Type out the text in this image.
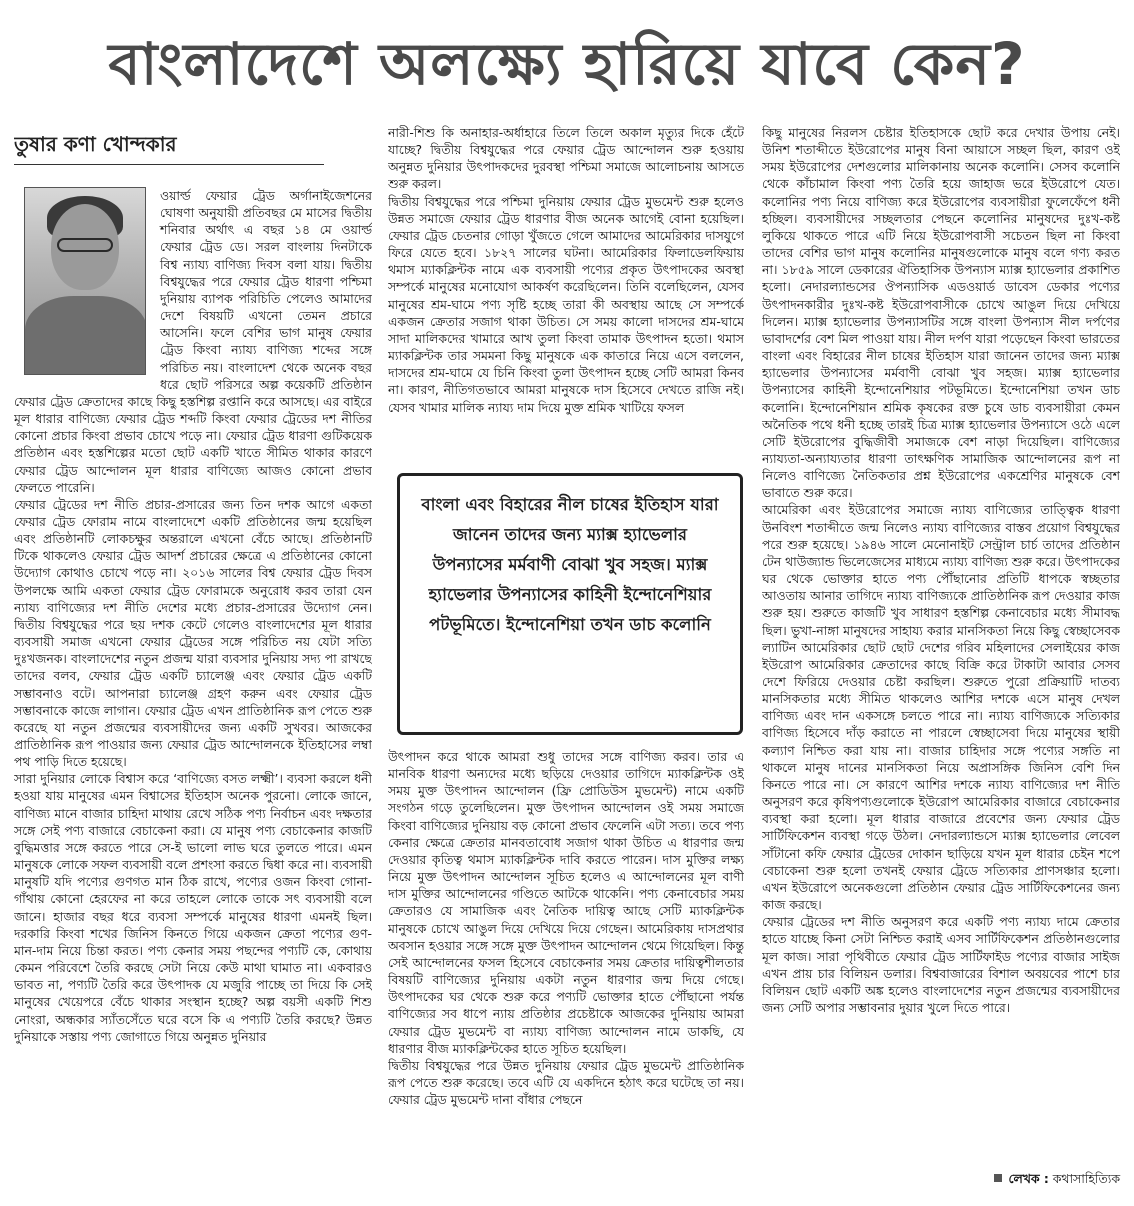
বাংলাদেশে অলক্ষ্যে হারিয়ে যাবে কেন?
তুষার কণা খোন্দকার

ওয়ার্ল্ড ফেয়ার ট্রেড অর্গানাইজেশনের ঘোষণা অনুযায়ী প্রতিবছর মে মাসের দ্বিতীয় শনিবার অর্থাৎ এ বছর ১৪ মে ওয়ার্ল্ড ফেয়ার ট্রেড ডে। সরল বাংলায় দিনটাকে বিশ্ব ন্যায্য বাণিজ্য দিবস বলা যায়। দ্বিতীয় বিশ্বযুদ্ধের পরে ফেয়ার ট্রেড ধারণা পশ্চিমা দুনিয়ায় ব্যাপক পরিচিতি পেলেও আমাদের দেশে বিষয়টি এখনো তেমন প্রচারে আসেনি। ফলে বেশির ভাগ মানুষ ফেয়ার ট্রেড কিংবা ন্যায্য বাণিজ্য শব্দের সঙ্গে পরিচিত নয়। বাংলাদেশ থেকে অনেক বছর ধরে ছোট পরিসরে অল্প কয়েকটি প্রতিষ্ঠান ফেয়ার ট্রেড ক্রেতাদের কাছে কিছু হস্তশিল্প রপ্তানি করে আসছে। এর বাইরে মূল ধারার বাণিজ্যে ফেয়ার ট্রেড শব্দটি কিংবা ফেয়ার ট্রেডের দশ নীতির কোনো প্রচার কিংবা প্রভাব চোখে পড়ে না। ফেয়ার ট্রেড ধারণা গুটিকয়েক প্রতিষ্ঠান এবং হস্তশিল্পের মতো ছোট একটি খাতে সীমিত থাকার কারণে ফেয়ার ট্রেড আন্দোলন মূল ধারার বাণিজ্যে আজও কোনো প্রভাব ফেলতে পারেনি।

ফেয়ার ট্রেডের দশ নীতি প্রচার-প্রসারের জন্য তিন দশক আগে একতা ফেয়ার ট্রেড ফোরাম নামে বাংলাদেশে একটি প্রতিষ্ঠানের জন্ম হয়েছিল এবং প্রতিষ্ঠানটি লোকচক্ষুর অন্তরালে এখনো বেঁচে আছে। প্রতিষ্ঠানটি টিকে থাকলেও ফেয়ার ট্রেড আদর্শ প্রচারের ক্ষেত্রে এ প্রতিষ্ঠানের কোনো উদ্যোগ কোথাও চোখে পড়ে না। ২০১৬ সালের বিশ্ব ফেয়ার ট্রেড দিবস উপলক্ষে আমি একতা ফেয়ার ট্রেড ফোরামকে অনুরোধ করব তারা যেন ন্যায্য বাণিজ্যের দশ নীতি দেশের মধ্যে প্রচার-প্রসারের উদ্যোগ নেন। দ্বিতীয় বিশ্বযুদ্ধের পরে ছয় দশক কেটে গেলেও বাংলাদেশের মূল ধারার ব্যবসায়ী সমাজ এখনো ফেয়ার ট্রেডের সঙ্গে পরিচিত নয় যেটা সত্যি দুঃখজনক। বাংলাদেশের নতুন প্রজন্ম যারা ব্যবসার দুনিয়ায় সদ্য পা রাখছে তাদের বলব, ফেয়ার ট্রেড একটি চ্যালেঞ্জ এবং ফেয়ার ট্রেড একটি সম্ভাবনাও বটে। আপনারা চ্যালেঞ্জ গ্রহণ করুন এবং ফেয়ার ট্রেড সম্ভাবনাকে কাজে লাগান। ফেয়ার ট্রেড এখন প্রাতিষ্ঠানিক রূপ পেতে শুরু করেছে যা নতুন প্রজন্মের ব্যবসায়ীদের জন্য একটি সুখবর। আজকের প্রাতিষ্ঠানিক রূপ পাওয়ার জন্য ফেয়ার ট্রেড আন্দোলনকে ইতিহাসের লম্বা পথ পাড়ি দিতে হয়েছে।

সারা দুনিয়ার লোকে বিশ্বাস করে ‘বাণিজ্যে বসত লক্ষ্মী’। ব্যবসা করলে ধনী হওয়া যায় মানুষের এমন বিশ্বাসের ইতিহাস অনেক পুরনো। লোকে জানে, বাণিজ্য মানে বাজার চাহিদা মাথায় রেখে সঠিক পণ্য নির্বাচন এবং দক্ষতার সঙ্গে সেই পণ্য বাজারে বেচাকেনা করা। যে মানুষ পণ্য বেচাকেনার কাজটি বুদ্ধিমত্তার সঙ্গে করতে পারে সে-ই ভালো লাভ ঘরে তুলতে পারে। এমন মানুষকে লোকে সফল ব্যবসায়ী বলে প্রশংসা করতে দ্বিধা করে না। ব্যবসায়ী মানুষটি যদি পণ্যের গুণগত মান ঠিক রাখে, পণ্যের ওজন কিংবা গোনা-গাঁথায় কোনো হেরফের না করে তাহলে লোকে তাকে সৎ ব্যবসায়ী বলে জানে। হাজার বছর ধরে ব্যবসা সম্পর্কে মানুষের ধারণা এমনই ছিল। দরকারি কিংবা শখের জিনিস কিনতে গিয়ে একজন ক্রেতা পণ্যের গুণ-মান-দাম নিয়ে চিন্তা করত। পণ্য কেনার সময় পছন্দের পণ্যটি কে, কোথায় কেমন পরিবেশে তৈরি করছে সেটা নিয়ে কেউ মাথা ঘামাত না। একবারও ভাবত না, পণ্যটি তৈরি করে উৎপাদক যে মজুরি পাচ্ছে তা দিয়ে কি সেই মানুষের খেয়েপরে বেঁচে থাকার সংস্থান হচ্ছে? অল্প বয়সী একটি শিশু নোংরা, অন্ধকার স্যাঁতসেঁতে ঘরে বসে কি এ পণ্যটি তৈরি করছে? উন্নত দুনিয়াকে সস্তায় পণ্য জোগাতে গিয়ে অনুন্নত দুনিয়ার

নারী-শিশু কি অনাহার-অর্ধাহারে তিলে তিলে অকাল মৃত্যুর দিকে হেঁটে যাচ্ছে? দ্বিতীয় বিশ্বযুদ্ধের পরে ফেয়ার ট্রেড আন্দোলন শুরু হওয়ায় অনুন্নত দুনিয়ার উৎপাদকদের দুরবস্থা পশ্চিমা সমাজে আলোচনায় আসতে শুরু করল।

দ্বিতীয় বিশ্বযুদ্ধের পরে পশ্চিমা দুনিয়ায় ফেয়ার ট্রেড মুভমেন্ট শুরু হলেও উন্নত সমাজে ফেয়ার ট্রেড ধারণার বীজ অনেক আগেই বোনা হয়েছিল। ফেয়ার ট্রেড চেতনার গোড়া খুঁজতে গেলে আমাদের আমেরিকার দাসযুগে ফিরে যেতে হবে। ১৮২৭ সালের ঘটনা। আমেরিকার ফিলাডেলফিয়ায় থমাস ম্যাকক্লিন্টক নামে এক ব্যবসায়ী পণ্যের প্রকৃত উৎপাদকের অবস্থা সম্পর্কে মানুষের মনোযোগ আকর্ষণ করেছিলেন। তিনি বলেছিলেন, যেসব মানুষের শ্রম-ঘামে পণ্য সৃষ্টি হচ্ছে তারা কী অবস্থায় আছে সে সম্পর্কে একজন ক্রেতার সজাগ থাকা উচিত। সে সময় কালো দাসদের শ্রম-ঘামে সাদা মালিকদের খামারে আখ তুলা কিংবা তামাক উৎপাদন হতো। থমাস ম্যাকক্লিন্টক তার সমমনা কিছু মানুষকে এক কাতারে নিয়ে এসে বললেন, দাসদের শ্রম-ঘামে যে চিনি কিংবা তুলা উৎপাদন হচ্ছে সেটি আমরা কিনব না। কারণ, নীতিগতভাবে আমরা মানুষকে দাস হিসেবে দেখতে রাজি নই। যেসব খামার মালিক ন্যায্য দাম দিয়ে মুক্ত শ্রমিক খাটিয়ে ফসল

বাংলা এবং বিহারের নীল চাষের ইতিহাস যারা জানেন তাদের জন্য ম্যাক্স হ্যাভেলার উপন্যাসের মর্মবাণী বোঝা খুব সহজ। ম্যাক্স হ্যাভেলার উপন্যাসের কাহিনী ইন্দোনেশিয়ার পটভূমিতে। ইন্দোনেশিয়া তখন ডাচ কলোনি

উৎপাদন করে থাকে আমরা শুধু তাদের সঙ্গে বাণিজ্য করব। তার এ মানবিক ধারণা অন্যদের মধ্যে ছড়িয়ে দেওয়ার তাগিদে ম্যাকক্লিন্টক ওই সময় মুক্ত উৎপাদন আন্দোলন (ফ্রি প্রোডিউস মুভমেন্ট) নামে একটি সংগঠন গড়ে তুলেছিলেন। মুক্ত উৎপাদন আন্দোলন ওই সময় সমাজে কিংবা বাণিজ্যের দুনিয়ায় বড় কোনো প্রভাব ফেলেনি এটা সত্য। তবে পণ্য কেনার ক্ষেত্রে ক্রেতার মানবতাবোধ সজাগ থাকা উচিত এ ধারণার জন্ম দেওয়ার কৃতিত্ব থমাস ম্যাকক্লিন্টক দাবি করতে পারেন। দাস মুক্তির লক্ষ্য নিয়ে মুক্ত উৎপাদন আন্দোলন সূচিত হলেও এ আন্দোলনের মূল বাণী দাস মুক্তির আন্দোলনের গণ্ডিতে আটকে থাকেনি। পণ্য কেনাবেচার সময় ক্রেতারও যে সামাজিক এবং নৈতিক দায়িত্ব আছে সেটি ম্যাকক্লিন্টক মানুষকে চোখে আঙুল দিয়ে দেখিয়ে দিয়ে গেছেন। আমেরিকায় দাসপ্রথার অবসান হওয়ার সঙ্গে সঙ্গে মুক্ত উৎপাদন আন্দোলন থেমে গিয়েছিল। কিন্তু সেই আন্দোলনের ফসল হিসেবে বেচাকেনার সময় ক্রেতার দায়িত্বশীলতার বিষয়টি বাণিজ্যের দুনিয়ায় একটা নতুন ধারণার জন্ম দিয়ে গেছে। উৎপাদকের ঘর থেকে শুরু করে পণ্যটি ভোক্তার হাতে পৌঁছানো পর্যন্ত বাণিজ্যের সব ধাপে ন্যায় প্রতিষ্ঠার প্রচেষ্টাকে আজকের দুনিয়ায় আমরা ফেয়ার ট্রেড মুভমেন্ট বা ন্যায্য বাণিজ্য আন্দোলন নামে ডাকছি, যে ধারণার বীজ ম্যাকক্লিন্টকের হাতে সূচিত হয়েছিল।

দ্বিতীয় বিশ্বযুদ্ধের পরে উন্নত দুনিয়ায় ফেয়ার ট্রেড মুভমেন্ট প্রাতিষ্ঠানিক রূপ পেতে শুরু করেছে। তবে এটি যে একদিনে হঠাৎ করে ঘটেছে তা নয়। ফেয়ার ট্রেড মুভমেন্ট দানা বাঁধার পেছনে

কিছু মানুষের নিরলস চেষ্টার ইতিহাসকে ছোট করে দেখার উপায় নেই। উনিশ শতাব্দীতে ইউরোপের মানুষ বিনা আয়াসে সচ্ছল ছিল, কারণ ওই সময় ইউরোপের দেশগুলোর মালিকানায় অনেক কলোনি। সেসব কলোনি থেকে কাঁচামাল কিংবা পণ্য তৈরি হয়ে জাহাজ ভরে ইউরোপে যেত। কলোনির পণ্য নিয়ে বাণিজ্য করে ইউরোপের ব্যবসায়ীরা ফুলেফেঁপে ধনী হচ্ছিল। ব্যবসায়ীদের সচ্ছলতার পেছনে কলোনির মানুষদের দুঃখ-কষ্ট লুকিয়ে থাকতে পারে এটি নিয়ে ইউরোপবাসী সচেতন ছিল না কিংবা তাদের বেশির ভাগ মানুষ কলোনির মানুষগুলোকে মানুষ বলে গণ্য করত না। ১৮৫৯ সালে ডেকারের ঐতিহাসিক উপন্যাস ম্যাক্স হ্যাভেলার প্রকাশিত হলো। নেদারল্যান্ডসের ঔপন্যাসিক এডওয়ার্ড ডাবেস ডেকার পণ্যের উৎপাদনকারীর দুঃখ-কষ্ট ইউরোপবাসীকে চোখে আঙুল দিয়ে দেখিয়ে দিলেন। ম্যাক্স হ্যাভেলার উপন্যাসটির সঙ্গে বাংলা উপন্যাস নীল দর্পণের ভাবাদর্শের বেশ মিল পাওয়া যায়। নীল দর্পণ যারা পড়েছেন কিংবা ভারতের বাংলা এবং বিহারের নীল চাষের ইতিহাস যারা জানেন তাদের জন্য ম্যাক্স হ্যাভেলার উপন্যাসের মর্মবাণী বোঝা খুব সহজ। ম্যাক্স হ্যাভেলার উপন্যাসের কাহিনী ইন্দোনেশিয়ার পটভূমিতে। ইন্দোনেশিয়া তখন ডাচ কলোনি। ইন্দোনেশিয়ান শ্রমিক কৃষকের রক্ত চুষে ডাচ ব্যবসায়ীরা কেমন অনৈতিক পথে ধনী হচ্ছে তারই চিত্র ম্যাক্স হ্যাভেলার উপন্যাসে ওঠে এলে সেটি ইউরোপের বুদ্ধিজীবী সমাজকে বেশ নাড়া দিয়েছিল। বাণিজ্যের ন্যায্যতা-অন্যায্যতার ধারণা তাৎক্ষণিক সামাজিক আন্দোলনের রূপ না নিলেও বাণিজ্যে নৈতিকতার প্রশ্ন ইউরোপের একশ্রেণির মানুষকে বেশ ভাবাতে শুরু করে।

আমেরিকা এবং ইউরোপের সমাজে ন্যায্য বাণিজ্যের তাত্ত্বিক ধারণা উনবিংশ শতাব্দীতে জন্ম নিলেও ন্যায্য বাণিজ্যের বাস্তব প্রয়োগ বিশ্বযুদ্ধের পরে শুরু হয়েছে। ১৯৪৬ সালে মেনোনাইট সেন্ট্রাল চার্চ তাদের প্রতিষ্ঠান টেন থাউজ্যান্ড ভিলেজেসের মাধ্যমে ন্যায্য বাণিজ্য শুরু করে। উৎপাদকের ঘর থেকে ভোক্তার হাতে পণ্য পৌঁছানোর প্রতিটি ধাপকে স্বচ্ছতার আওতায় আনার তাগিদে ন্যায্য বাণিজ্যকে প্রাতিষ্ঠানিক রূপ দেওয়ার কাজ শুরু হয়। শুরুতে কাজটি খুব সাধারণ হস্তশিল্প কেনাবেচার মধ্যে সীমাবদ্ধ ছিল। ভুখা-নাঙ্গা মানুষদের সাহায্য করার মানসিকতা নিয়ে কিছু স্বেচ্ছাসেবক ল্যাটিন আমেরিকার ছোট ছোট দেশের গরিব মহিলাদের সেলাইয়ের কাজ ইউরোপ আমেরিকার ক্রেতাদের কাছে বিক্রি করে টাকাটা আবার সেসব দেশে ফিরিয়ে দেওয়ার চেষ্টা করছিল। শুরুতে পুরো প্রক্রিয়াটি দাতব্য মানসিকতার মধ্যে সীমিত থাকলেও আশির দশকে এসে মানুষ দেখল বাণিজ্য এবং দান একসঙ্গে চলতে পারে না। ন্যায্য বাণিজ্যকে সত্যিকার বাণিজ্য হিসেবে দাঁড় করাতে না পারলে স্বেচ্ছাসেবা দিয়ে মানুষের স্থায়ী কল্যাণ নিশ্চিত করা যায় না। বাজার চাহিদার সঙ্গে পণ্যের সঙ্গতি না থাকলে মানুষ দানের মানসিকতা নিয়ে অপ্রাসঙ্গিক জিনিস বেশি দিন কিনতে পারে না। সে কারণে আশির দশকে ন্যায্য বাণিজ্যের দশ নীতি অনুসরণ করে কৃষিপণ্যগুলোকে ইউরোপ আমেরিকার বাজারে বেচাকেনার ব্যবস্থা করা হলো। মূল ধারার বাজারে প্রবেশের জন্য ফেয়ার ট্রেড সার্টিফিকেশন ব্যবস্থা গড়ে উঠল। নেদারল্যান্ডসে ম্যাক্স হ্যাভেলার লেবেল সাঁটানো কফি ফেয়ার ট্রেডের দোকান ছাড়িয়ে যখন মূল ধারার চেইন শপে বেচাকেনা শুরু হলো তখনই ফেয়ার ট্রেডে সত্যিকার প্রাণসঞ্চার হলো। এখন ইউরোপে অনেকগুলো প্রতিষ্ঠান ফেয়ার ট্রেড সার্টিফিকেশনের জন্য কাজ করছে।

ফেয়ার ট্রেডের দশ নীতি অনুসরণ করে একটি পণ্য ন্যায্য দামে ক্রেতার হাতে যাচ্ছে কিনা সেটা নিশ্চিত করাই এসব সার্টিফিকেশন প্রতিষ্ঠানগুলোর মূল কাজ। সারা পৃথিবীতে ফেয়ার ট্রেড সার্টিফাইড পণ্যের বাজার সাইজ এখন প্রায় চার বিলিয়ন ডলার। বিশ্ববাজারের বিশাল অবয়বের পাশে চার বিলিয়ন ছোট একটি অঙ্ক হলেও বাংলাদেশের নতুন প্রজন্মের ব্যবসায়ীদের জন্য সেটি অপার সম্ভাবনার দুয়ার খুলে দিতে পারে।

লেখক : কথাসাহিত্যিক
